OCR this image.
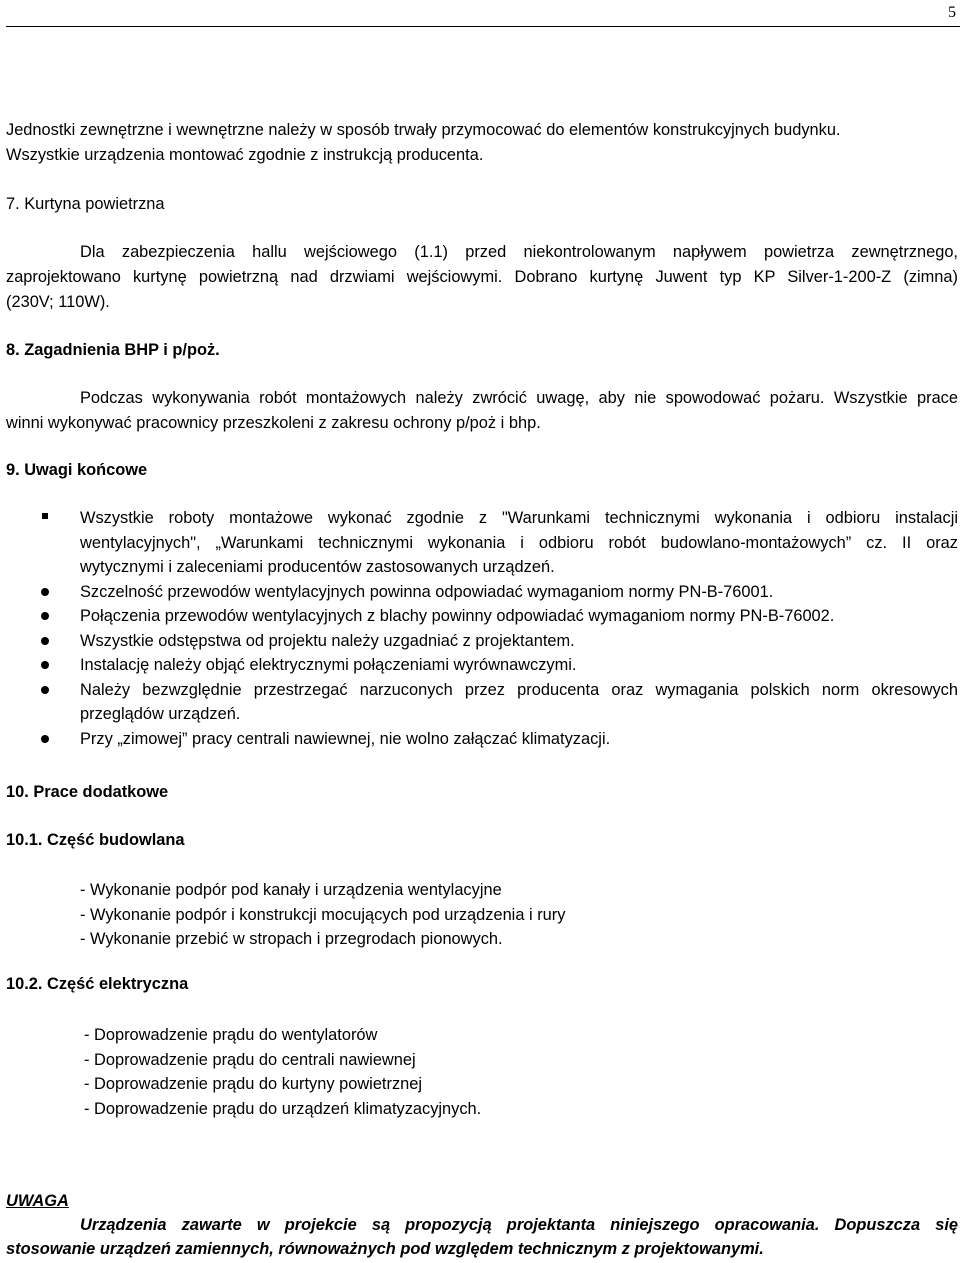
5
Jednostki zewnętrzne i wewnętrzne należy w sposób trwały przymocować do elementów konstrukcyjnych budynku.
Wszystkie urządzenia montować zgodnie z instrukcją producenta.
7. Kurtyna powietrzna
Dla zabezpieczenia hallu wejściowego (1.1) przed niekontrolowanym napływem powietrza zewnętrznego,
zaprojektowano kurtynę powietrzną nad drzwiami wejściowymi. Dobrano kurtynę Juwent typ KP Silver-1-200-Z (zimna)
(230V; 110W).
8. Zagadnienia BHP i p/poż.
Podczas wykonywania robót montażowych należy zwrócić uwagę, aby nie spowodować pożaru. Wszystkie prace
winni wykonywać pracownicy przeszkoleni z zakresu ochrony p/poż i bhp.
9. Uwagi końcowe
Wszystkie roboty montażowe wykonać zgodnie z "Warunkami technicznymi wykonania i odbioru instalacji
wentylacyjnych", „Warunkami technicznymi wykonania i odbioru robót budowlano-montażowych” cz. II oraz
wytycznymi i zaleceniami producentów zastosowanych urządzeń.
Szczelność przewodów wentylacyjnych powinna odpowiadać wymaganiom normy PN-B-76001.
Połączenia przewodów wentylacyjnych z blachy powinny odpowiadać wymaganiom normy PN-B-76002.
Wszystkie odstępstwa od projektu należy uzgadniać z projektantem.
Instalację należy objąć elektrycznymi połączeniami wyrównawczymi.
Należy bezwzględnie przestrzegać narzuconych przez producenta oraz wymagania polskich norm okresowych
przeglądów urządzeń.
Przy „zimowej” pracy centrali nawiewnej, nie wolno załączać klimatyzacji.
10. Prace dodatkowe
10.1. Część budowlana
- Wykonanie podpór pod kanały i urządzenia wentylacyjne
- Wykonanie podpór i konstrukcji mocujących pod urządzenia i rury
- Wykonanie przebić w stropach i przegrodach pionowych.
10.2. Część elektryczna
- Doprowadzenie prądu do wentylatorów
- Doprowadzenie prądu do centrali nawiewnej
- Doprowadzenie prądu do kurtyny powietrznej
- Doprowadzenie prądu do urządzeń klimatyzacyjnych.
UWAGA
Urządzenia zawarte w projekcie są propozycją projektanta niniejszego opracowania. Dopuszcza się
stosowanie urządzeń zamiennych, równoważnych pod względem technicznym z projektowanymi.
